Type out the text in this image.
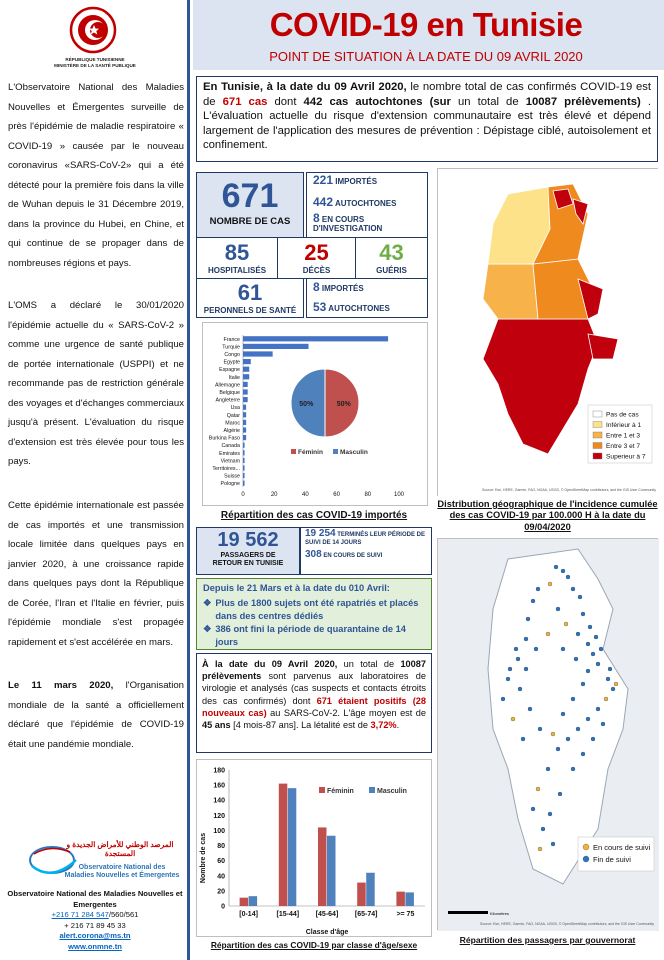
RÉPUBLIQUE TUNISIENNE
MINISTÈRE DE LA SANTÉ PUBLIQUE
L'Observatoire National des Maladies Nouvelles et Émergentes surveille de près l'épidémie de maladie respiratoire « COVID-19 » causée par le nouveau coronavirus «SARS-CoV-2» qui a été détecté pour la première fois dans la ville de Wuhan depuis le 31 Décembre 2019, dans la province du Hubei, en Chine, et qui continue de se propager dans de nombreuses régions et pays.
L'OMS a déclaré le 30/01/2020 l'épidémie actuelle du « SARS-CoV-2 » comme une urgence de santé publique de portée internationale (USPPI) et ne recommande pas de restriction générale des voyages et d'échanges commerciaux jusqu'à présent. L'évaluation du risque d'extension est très élevée pour tous les pays.
Cette épidémie internationale est passée de cas importés et une transmission locale limitée dans quelques pays en janvier 2020, à une croissance rapide dans quelques pays dont la République de Corée, l'Iran et l'Italie en février, puis l'épidémie mondiale s'est propagée rapidement et s'est accélérée en mars.
Le 11 mars 2020, l'Organisation mondiale de la santé a officiellement déclaré que l'épidémie de COVID-19 était une pandémie mondiale.
المرصد الوطني للأمراض الجديدة و المستجدة
Observatoire National des
Maladies Nouvelles et Émergentes
Observatoire National des Maladies Nouvelles et Emergentes
+216 71 284 547/560/561
+ 216 71 89 45 33
alert.corona@ms.tn
www.onmne.tn
COVID-19 en Tunisie
POINT DE SITUATION À LA DATE DU 09 AVRIL 2020
En Tunisie, à la date du 09 Avril 2020, le nombre total de cas confirmés COVID-19 est de 671 cas dont 442 cas autochtones (sur un total de 10087 prélèvements) . L'évaluation actuelle du risque d'extension communautaire est très élevé et dépend largement de l'application des mesures de prévention : Dépistage ciblé, autoisolement et confinement.
671
NOMBRE DE CAS
221 IMPORTÉS
442 AUTOCHTONES
8 EN COURS D'INVESTIGATION
85
HOSPITALISÉS
25
DÉCÈS
43
GUÉRIS
61
PERONNELS DE SANTÉ
8 IMPORTÉS
53 AUTOCHTONES
France
Turquie
Congo
Egypte
Espagne
Italie
Allemagne
Belgique
Angleterre
Usa
Qatar
Maroc
Algérie
Burkina Faso
Canada
Emirates
Vietnam
Territoires...
Suisse
Pologne
0	20	40	60	80	100
50%
50%
Féminin	Masculin
Répartition des cas COVID-19 importés
19 562
PASSAGERS DE
RETOUR EN TUNISIE
19 254 TERMINÉS LEUR PÉRIODE DE SUIVI DE 14 JOURS
308 EN COURS DE SUIVI
Depuis le 21 Mars et à la date du 010 Avril:
❖ Plus de 1800 sujets ont été rapatriés et placés dans des centres dédiés
❖ 386 ont fini la période de quarantaine de 14 jours
À la date du 09 Avril 2020, un total de 10087 prélèvements sont parvenus aux laboratoires de virologie et analysés (cas suspects et contacts étroits des cas confirmés) dont 671 étaient positifs (28 nouveaux cas) au SARS-CoV-2. L'âge moyen est de 45 ans [4 mois-87 ans]. La létalité est de 3,72%.
0
20
40
60
80
100
120
140
160
180
[0-14]	[15-44] [45-64] [65-74]	>= 75
Classe d'âge
Nombre de cas
Féminin	Masculin
Répartition des cas COVID-19 par classe d'âge/sexe
Pas de cas
Inférieur à 1
Entre 1 et 3
Entre 3 et 7
Superieur à 7
Source: Esri, HERE, Garmin, FAO, NOAA, USGS, © OpenStreetMap contributors, and the GIS User Community
Distribution géographique de l'incidence cumulée des cas COVID-19 par 100.000 H à la date du 09/04/2020
En cours de suivi
Fin de suivi
Kilomètres
Source: Esri, HERE, Garmin, FAO, NOAA, USGS, © OpenStreetMap contributors, and the GIS User Community
Répartition des passagers par gouvernorat
